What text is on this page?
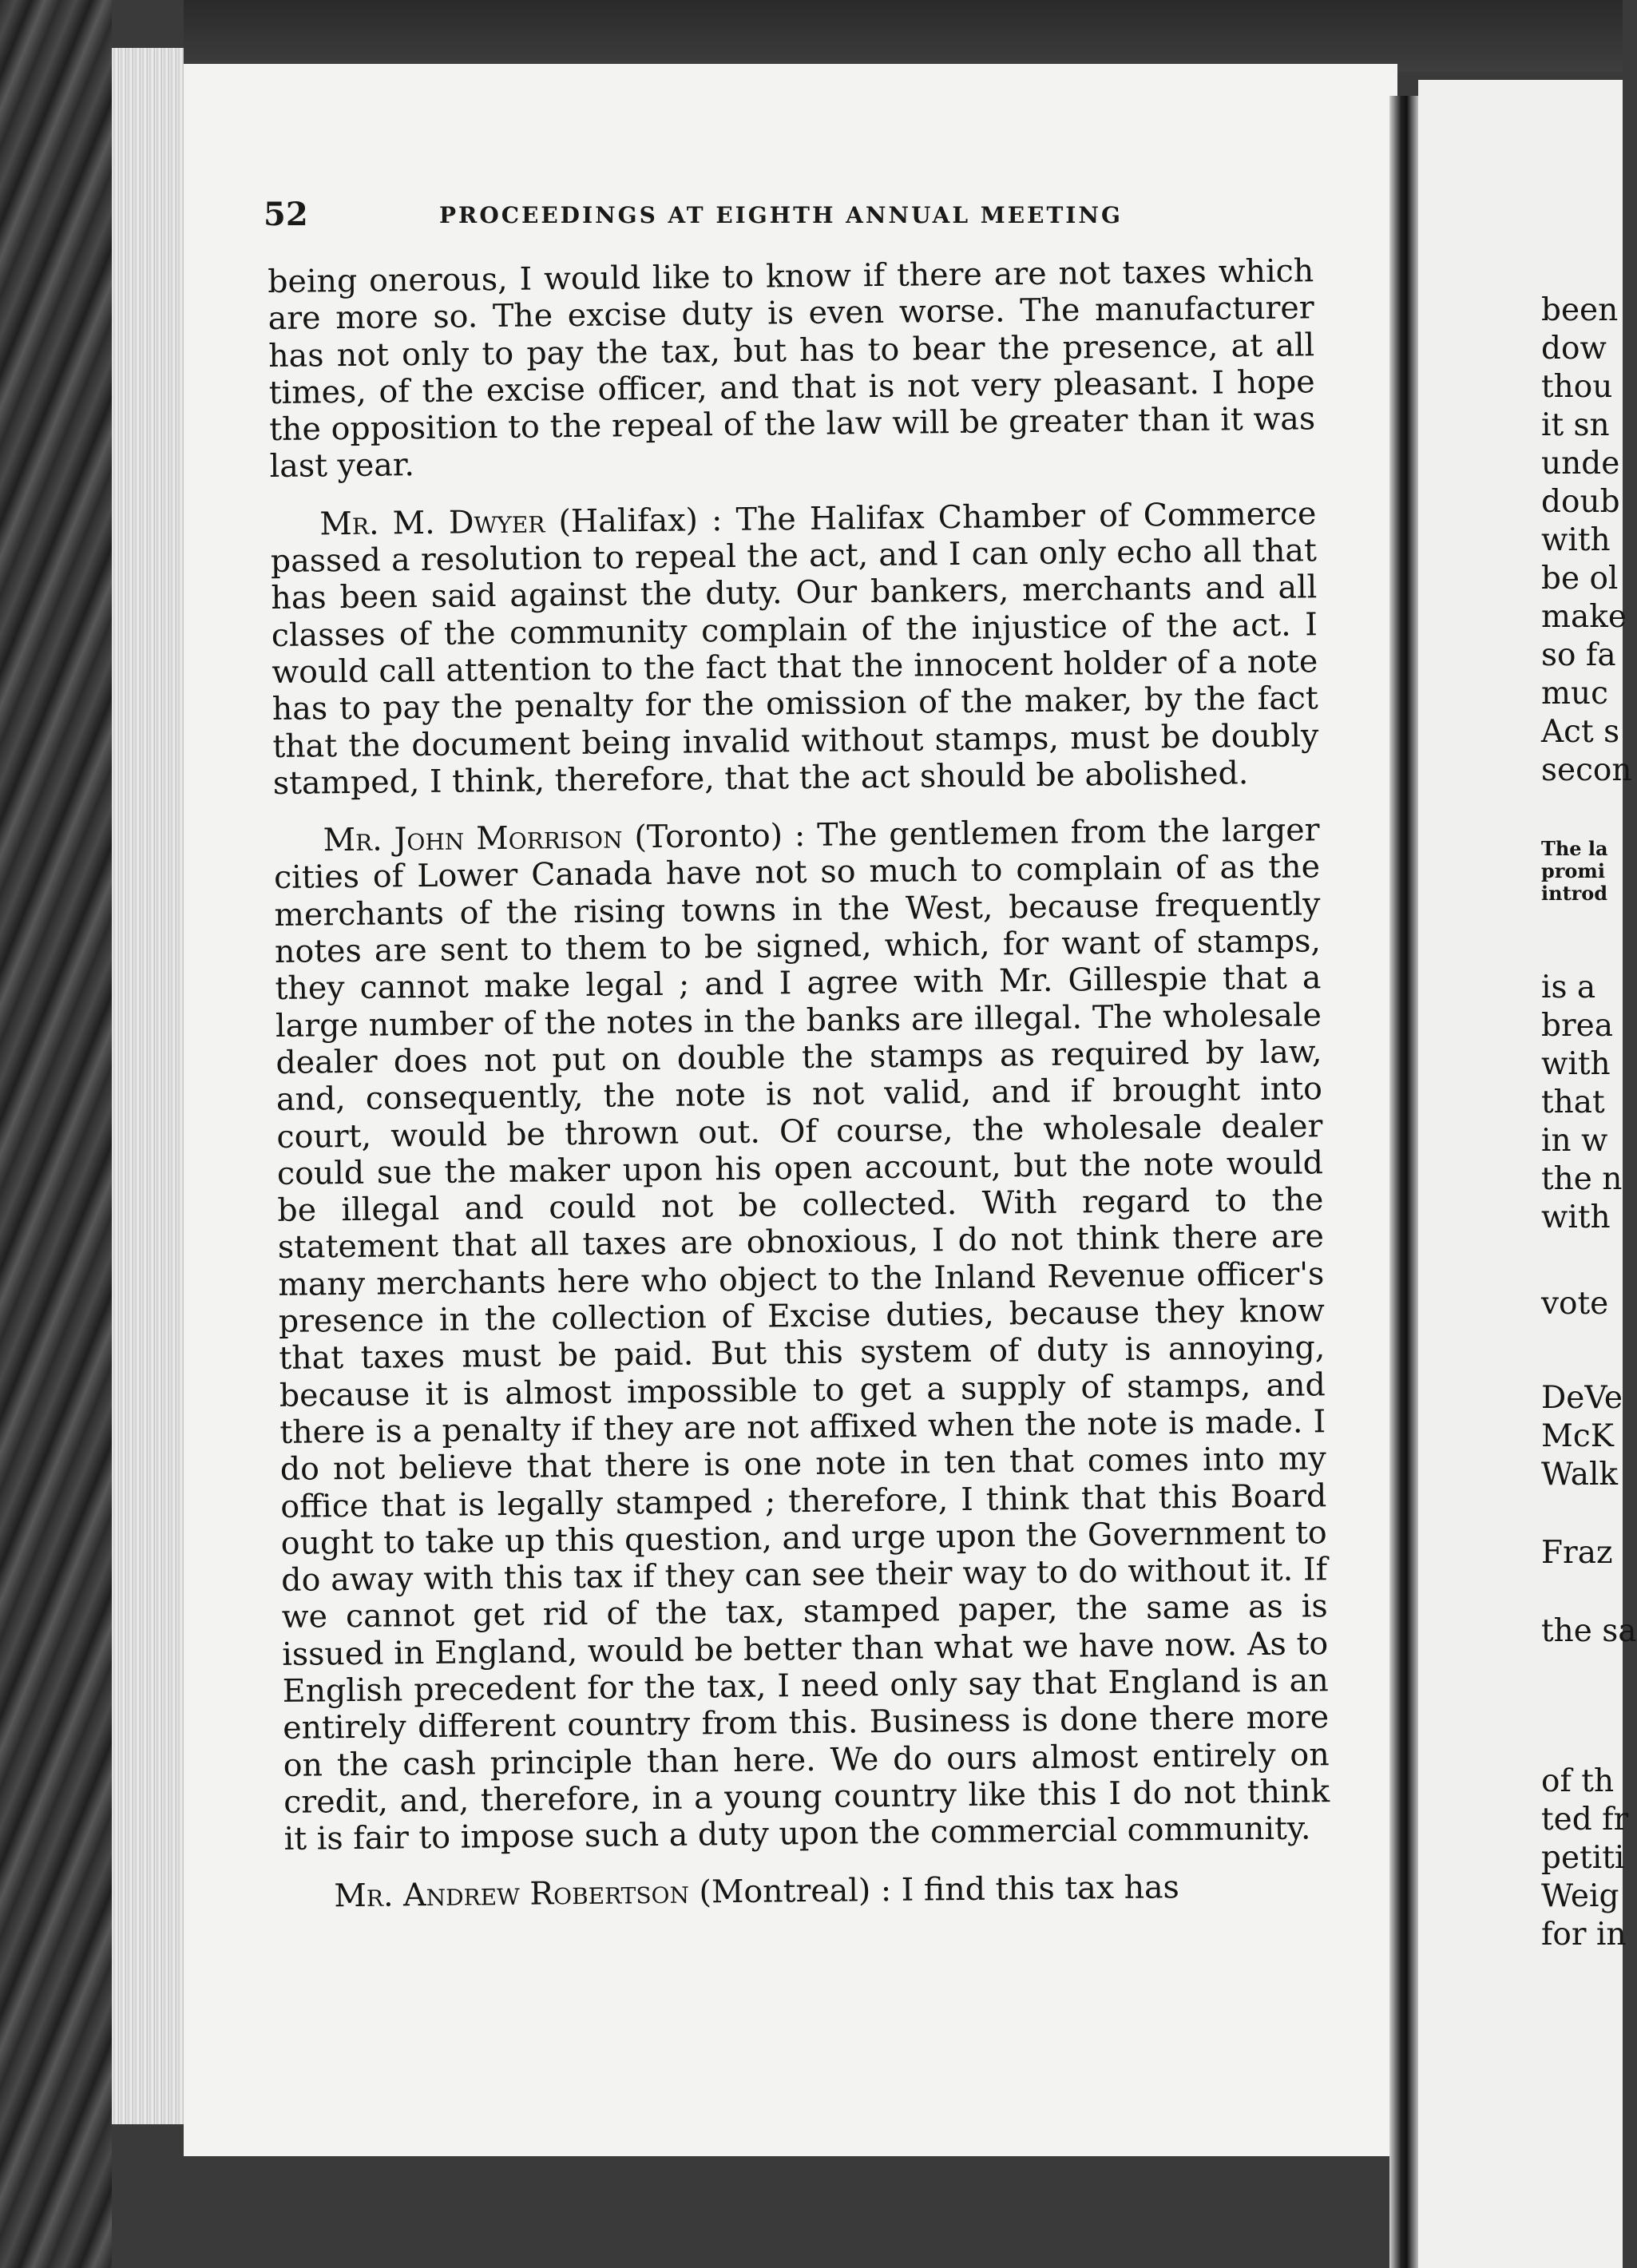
52	PROCEEDINGS AT EIGHTH ANNUAL MEETING

being onerous, I would like to know if there are not taxes which are more so. The excise duty is even worse. The manufacturer has not only to pay the tax, but has to bear the presence, at all times, of the excise officer, and that is not very pleasant. I hope the opposition to the repeal of the law will be greater than it was last year.

Mr. M. Dwyer (Halifax) : The Halifax Chamber of Commerce passed a resolution to repeal the act, and I can only echo all that has been said against the duty. Our bankers, merchants and all classes of the community complain of the injustice of the act. I would call attention to the fact that the innocent holder of a note has to pay the penalty for the omission of the maker, by the fact that the document being invalid without stamps, must be doubly stamped, I think, therefore, that the act should be abolished.

Mr. John Morrison (Toronto) : The gentlemen from the larger cities of Lower Canada have not so much to complain of as the merchants of the rising towns in the West, because frequently notes are sent to them to be signed, which, for want of stamps, they cannot make legal ; and I agree with Mr. Gillespie that a large number of the notes in the banks are illegal. The wholesale dealer does not put on double the stamps as required by law, and, consequently, the note is not valid, and if brought into court, would be thrown out. Of course, the wholesale dealer could sue the maker upon his open account, but the note would be illegal and could not be collected. With regard to the statement that all taxes are obnoxious, I do not think there are many merchants here who object to the Inland Revenue officer's presence in the collection of Excise duties, because they know that taxes must be paid. But this system of duty is annoying, because it is almost impossible to get a supply of stamps, and there is a penalty if they are not affixed when the note is made. I do not believe that there is one note in ten that comes into my office that is legally stamped ; therefore, I think that this Board ought to take up this question, and urge upon the Government to do away with this tax if they can see their way to do without it. If we cannot get rid of the tax, stamped paper, the same as is issued in England, would be better than what we have now. As to English precedent for the tax, I need only say that England is an entirely different country from this. Business is done there more on the cash principle than here. We do ours almost entirely on credit, and, therefore, in a young country like this I do not think it is fair to impose such a duty upon the commercial community.

Mr. Andrew Robertson (Montreal) : I find this tax has

been
dow
thou
it sn
unde
doub
with
be ol
make
so fa
muc
Act s
secon
The la
promi
introd
is a
brea
with
that
in w
the n
with
vote
DeVe
McK
Walk
Fraz
the sa
of th
ted fr
petiti
Weig
for in
